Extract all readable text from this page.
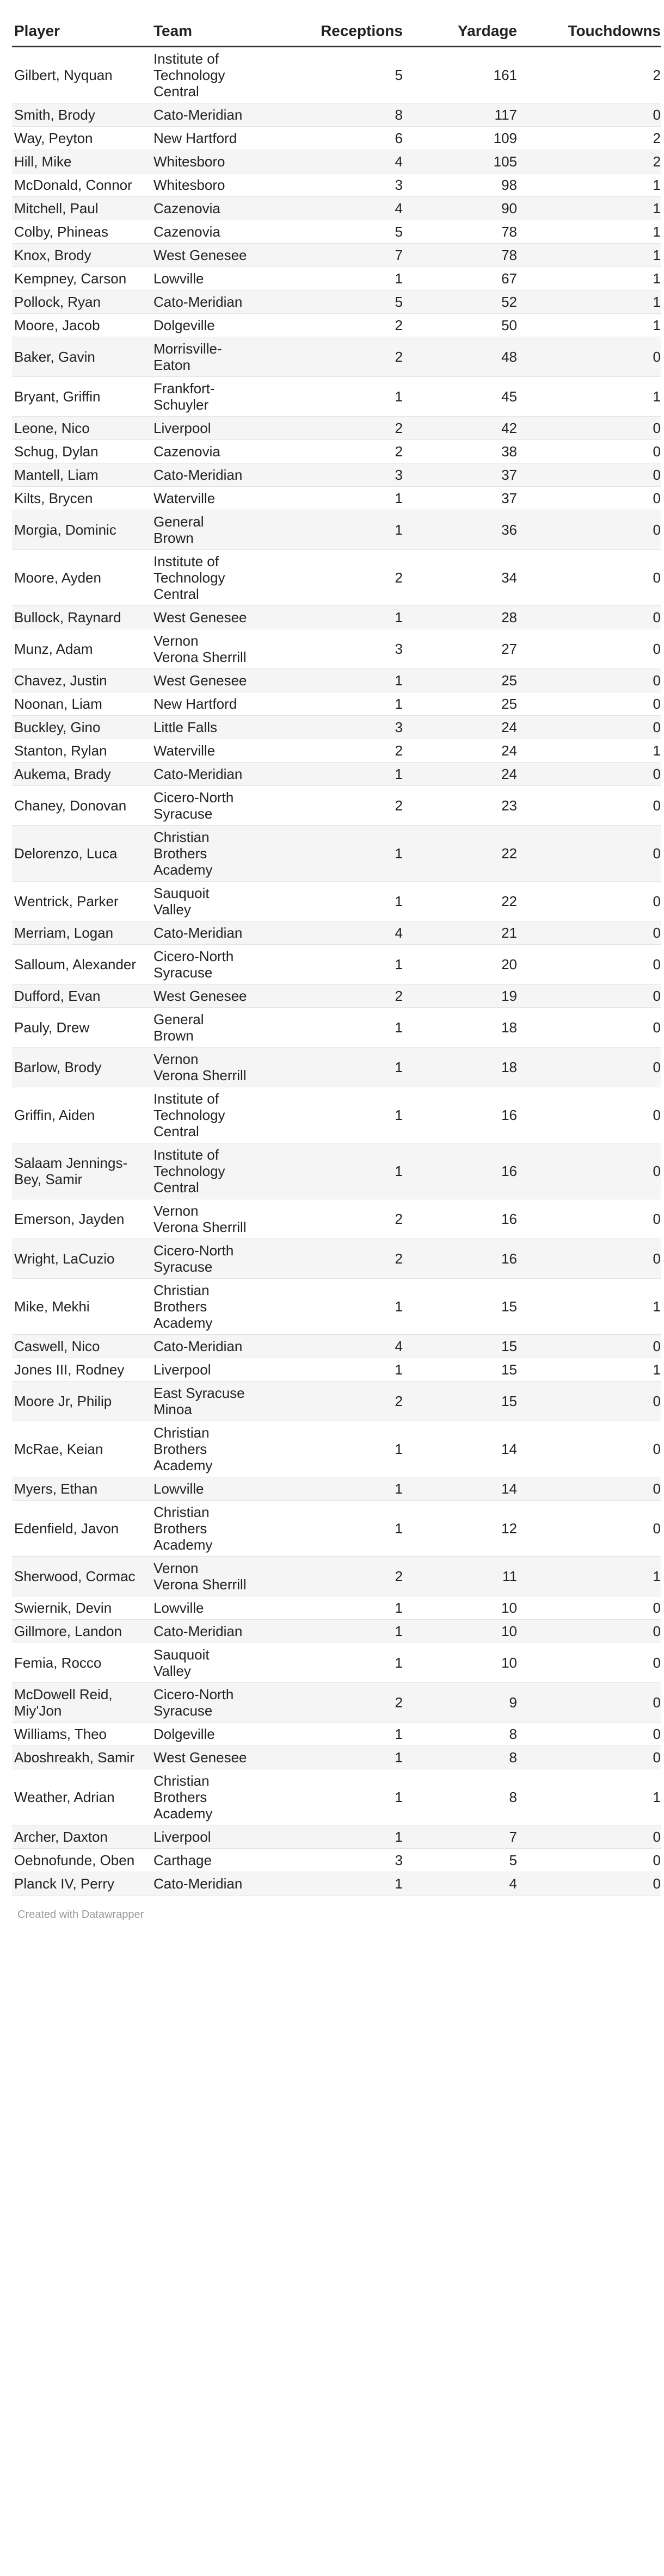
Player	Team	Receptions	Yardage	Touchdowns
Gilbert, Nyquan	Institute of Technology Central	5	161	2
Smith, Brody	Cato-Meridian	8	117	0
Way, Peyton	New Hartford	6	109	2
Hill, Mike	Whitesboro	4	105	2
McDonald, Connor	Whitesboro	3	98	1
Mitchell, Paul	Cazenovia	4	90	1
Colby, Phineas	Cazenovia	5	78	1
Knox, Brody	West Genesee	7	78	1
Kempney, Carson	Lowville	1	67	1
Pollock, Ryan	Cato-Meridian	5	52	1
Moore, Jacob	Dolgeville	2	50	1
Baker, Gavin	Morrisville-Eaton	2	48	0
Bryant, Griffin	Frankfort-Schuyler	1	45	1
Leone, Nico	Liverpool	2	42	0
Schug, Dylan	Cazenovia	2	38	0
Mantell, Liam	Cato-Meridian	3	37	0
Kilts, Brycen	Waterville	1	37	0
Morgia, Dominic	General Brown	1	36	0
Moore, Ayden	Institute of Technology Central	2	34	0
Bullock, Raynard	West Genesee	1	28	0
Munz, Adam	Vernon Verona Sherrill	3	27	0
Chavez, Justin	West Genesee	1	25	0
Noonan, Liam	New Hartford	1	25	0
Buckley, Gino	Little Falls	3	24	0
Stanton, Rylan	Waterville	2	24	1
Aukema, Brady	Cato-Meridian	1	24	0
Chaney, Donovan	Cicero-North Syracuse	2	23	0
Delorenzo, Luca	Christian Brothers Academy	1	22	0
Wentrick, Parker	Sauquoit Valley	1	22	0
Merriam, Logan	Cato-Meridian	4	21	0
Salloum, Alexander	Cicero-North Syracuse	1	20	0
Dufford, Evan	West Genesee	2	19	0
Pauly, Drew	General Brown	1	18	0
Barlow, Brody	Vernon Verona Sherrill	1	18	0
Griffin, Aiden	Institute of Technology Central	1	16	0
Salaam Jennings-Bey, Samir	Institute of Technology Central	1	16	0
Emerson, Jayden	Vernon Verona Sherrill	2	16	0
Wright, LaCuzio	Cicero-North Syracuse	2	16	0
Mike, Mekhi	Christian Brothers Academy	1	15	1
Caswell, Nico	Cato-Meridian	4	15	0
Jones III, Rodney	Liverpool	1	15	1
Moore Jr, Philip	East Syracuse Minoa	2	15	0
McRae, Keian	Christian Brothers Academy	1	14	0
Myers, Ethan	Lowville	1	14	0
Edenfield, Javon	Christian Brothers Academy	1	12	0
Sherwood, Cormac	Vernon Verona Sherrill	2	11	1
Swiernik, Devin	Lowville	1	10	0
Gillmore, Landon	Cato-Meridian	1	10	0
Femia, Rocco	Sauquoit Valley	1	10	0
McDowell Reid, Miy'Jon	Cicero-North Syracuse	2	9	0
Williams, Theo	Dolgeville	1	8	0
Aboshreakh, Samir	West Genesee	1	8	0
Weather, Adrian	Christian Brothers Academy	1	8	1
Archer, Daxton	Liverpool	1	7	0
Oebnofunde, Oben	Carthage	3	5	0
Planck IV, Perry	Cato-Meridian	1	4	0
Created with Datawrapper
